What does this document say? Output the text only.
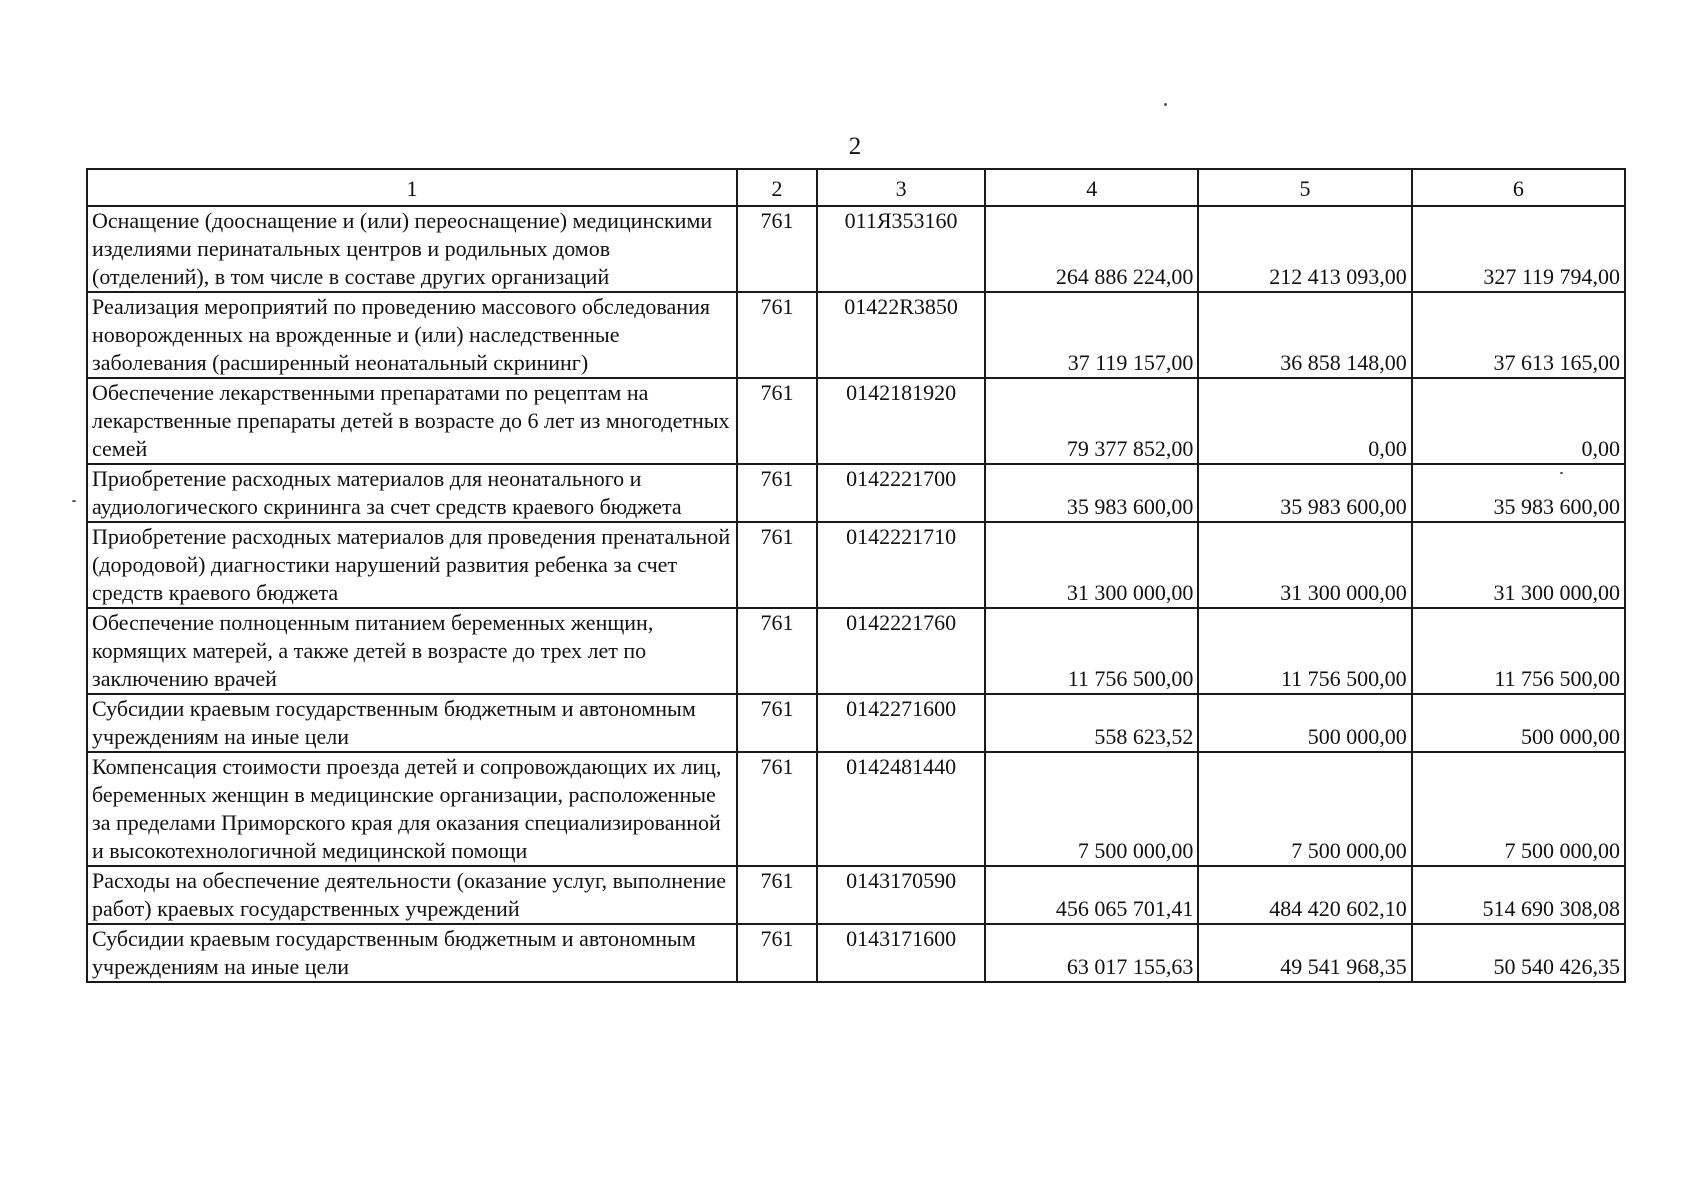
2
1	2	3	4	5	6
Оснащение (дооснащение и (или) переоснащение) медицинскими изделиями перинатальных центров и родильных домов (отделений), в том числе в составе других организаций	761	011Я353160	264 886 224,00	212 413 093,00	327 119 794,00
Реализация мероприятий по проведению массового обследования новорожденных на врожденные и (или) наследственные заболевания (расширенный неонатальный скрининг)	761	01422R3850	37 119 157,00	36 858 148,00	37 613 165,00
Обеспечение лекарственными препаратами по рецептам на лекарственные препараты детей в возрасте до 6 лет из многодетных семей	761	0142181920	79 377 852,00	0,00	0,00
Приобретение расходных материалов для неонатального и аудиологического скрининга за счет средств краевого бюджета	761	0142221700	35 983 600,00	35 983 600,00	35 983 600,00
Приобретение расходных материалов для проведения пренатальной (дородовой) диагностики нарушений развития ребенка за счет средств краевого бюджета	761	0142221710	31 300 000,00	31 300 000,00	31 300 000,00
Обеспечение полноценным питанием беременных женщин, кормящих матерей, а также детей в возрасте до трех лет по заключению врачей	761	0142221760	11 756 500,00	11 756 500,00	11 756 500,00
Субсидии краевым государственным бюджетным и автономным учреждениям на иные цели	761	0142271600	558 623,52	500 000,00	500 000,00
Компенсация стоимости проезда детей и сопровождающих их лиц, беременных женщин в медицинские организации, расположенные за пределами Приморского края для оказания специализированной и высокотехнологичной медицинской помощи	761	0142481440	7 500 000,00	7 500 000,00	7 500 000,00
Расходы на обеспечение деятельности (оказание услуг, выполнение работ) краевых государственных учреждений	761	0143170590	456 065 701,41	484 420 602,10	514 690 308,08
Субсидии краевым государственным бюджетным и автономным учреждениям на иные цели	761	0143171600	63 017 155,63	49 541 968,35	50 540 426,35
